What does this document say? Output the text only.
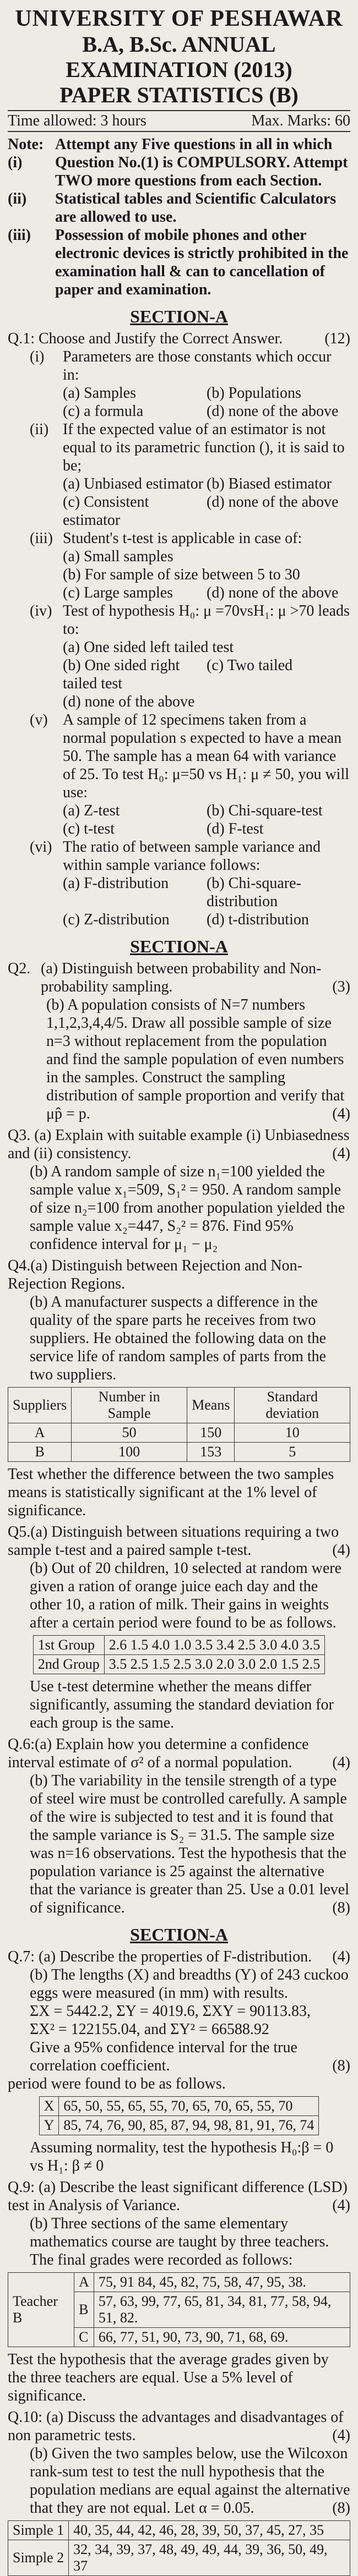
UNIVERSITY OF PESHAWAR
B.A, B.Sc. ANNUAL EXAMINATION (2013)
PAPER STATISTICS (B)
Time allowed: 3 hours	Max. Marks: 60
Note: (i)
Attempt any Five questions in all in which Question No.(1) is COMPULSORY. Attempt TWO more questions from each Section.
(ii)	Statistical tables and Scientific Calculators are allowed to use.
(iii)	Possession of mobile phones and other electronic devices is strictly prohibited in the examination hall & can to cancellation of paper and examination.
SECTION-A
Q.1: Choose and Justify the Correct Answer.	(12)
(i)	Parameters are those constants which occur in:
(a) Samples	(b) Populations
(c) a formula	(d) none of the above
(ii) If the expected value of an estimator is not equal to its parametric function (), it is said to be;
(a) Unbiased estimator (b) Biased estimator
(c) Consistent estimator
(d) none of the above
(iii) Student's t-test is applicable in case of:
(a) Small samples
(b) For sample of size between 5 to 30
(c) Large samples	(d) none of the above
(iv) Test of hypothesis H₀: μ =70vsH₁: μ >70 leads to:
(a) One sided left tailed test
(b) One sided right tailed test
(c) Two tailed
(d) none of the above
(v) A sample of 12 specimens taken from a normal population s expected to have a mean 50. The sample has a mean 64 with variance of 25. To test H₀: μ=50 vs H₁: μ ≠ 50, you will use:
(a) Z-test	(b) Chi-square-test
(c) t-test	(d) F-test
(vi) The ratio of between sample variance and within sample variance follows:
(a) F-distribution	(b) Chi-square-distribution
(c) Z-distribution	(d) t-distribution
SECTION-A
Q2. (a) Distinguish between probability and Non- probability sampling.	(3)
(b) A population consists of N=7 numbers 1,1,2,3,4,4/5. Draw all possible sample of size n=3 without replacement from the population and find the sample population of even numbers in the samples. Construct the sampling distribution of sample proportion and verify that μp̂ = p.	(4)
Q3. (a) Explain with suitable example (i) Unbiasedness and (ii) consistency.	(4)
(b) A random sample of size n₁=100 yielded the sample value x₁=509, S₁² = 950. A random sample of size n₂=100 from another population yielded the sample value x₂=447, S₂² = 876. Find 95% confidence interval for μ₁ − μ₂
Q4.(a) Distinguish between Rejection and Non-Rejection Regions.
(b) A manufacturer suspects a difference in the quality of the spare parts he receives from two suppliers. He obtained the following data on the service life of random samples of parts from the two suppliers.
Suppliers	Number in Sample	Means	Standard deviation
A	50	150	10
B	100	153	5
Test whether the difference between the two samples means is statistically significant at the 1% level of significance.
Q5.(a) Distinguish between situations requiring a two sample t-test and a paired sample t-test.	(4)
(b) Out of 20 children, 10 selected at random were given a ration of orange juice each day and the other 10, a ration of milk. Their gains in weights after a certain period were found to be as follows.
1st Group	2.6 1.5 4.0 1.0 3.5 3.4 2.5 3.0 4.0 3.5
2nd Group	3.5 2.5 1.5 2.5 3.0 2.0 3.0 2.0 1.5 2.5
Use t-test determine whether the means differ significantly, assuming the standard deviation for each group is the same.
Q.6:(a) Explain how you determine a confidence interval estimate of σ² of a normal population.	(4)
(b) The variability in the tensile strength of a type of steel wire must be controlled carefully. A sample of the wire is subjected to test and it is found that the sample variance is S₂ = 31.5. The sample size was n=16 observations. Test the hypothesis that the population variance is 25 against the alternative that the variance is greater than 25. Use a 0.01 level of significance.	(8)
SECTION-A
Q.7: (a) Describe the properties of F-distribution. (4)
(b) The lengths (X) and breadths (Y) of 243 cuckoo eggs were measured (in mm) with results.
ΣX = 5442.2, ΣY = 4019.6, ΣXY = 90113.83,
ΣX² = 122155.04, and ΣY² = 66588.92
Give a 95% confidence interval for the true correlation coefficient.	(8)
period were found to be as follows.
X	65, 50, 55, 65, 55, 70, 65, 70, 65, 55, 70
Y	85, 74, 76, 90, 85, 87, 94, 98, 81, 91, 76, 74
Assuming normality, test the hypothesis H₀:β = 0 vs H₁: β ≠ 0
Q.9: (a) Describe the least significant difference (LSD) test in Analysis of Variance.	(4)
(b) Three sections of the same elementary mathematics course are taught by three teachers. The final grades were recorded as follows:
Teacher B	A	75, 91 84, 45, 82, 75, 58, 47, 95, 38.
	B	57, 63, 99, 77, 65, 81, 34, 81, 77, 58, 94, 51, 82.
	C	66, 77, 51, 90, 73, 90, 71, 68, 69.
Test the hypothesis that the average grades given by the three teachers are equal. Use a 5% level of significance.
Q.10: (a) Discuss the advantages and disadvantages of non parametric tests.	(4)
(b) Given the two samples below, use the Wilcoxon rank-sum test to test the null hypothesis that the population medians are equal against the alternative that they are not equal. Let α = 0.05.	(8)
Simple 1	40, 35, 44, 42, 46, 28, 39, 50, 37, 45, 27, 35
Simple 2	32, 34, 39, 37, 48, 49, 49, 44, 39, 36, 50, 49, 37
